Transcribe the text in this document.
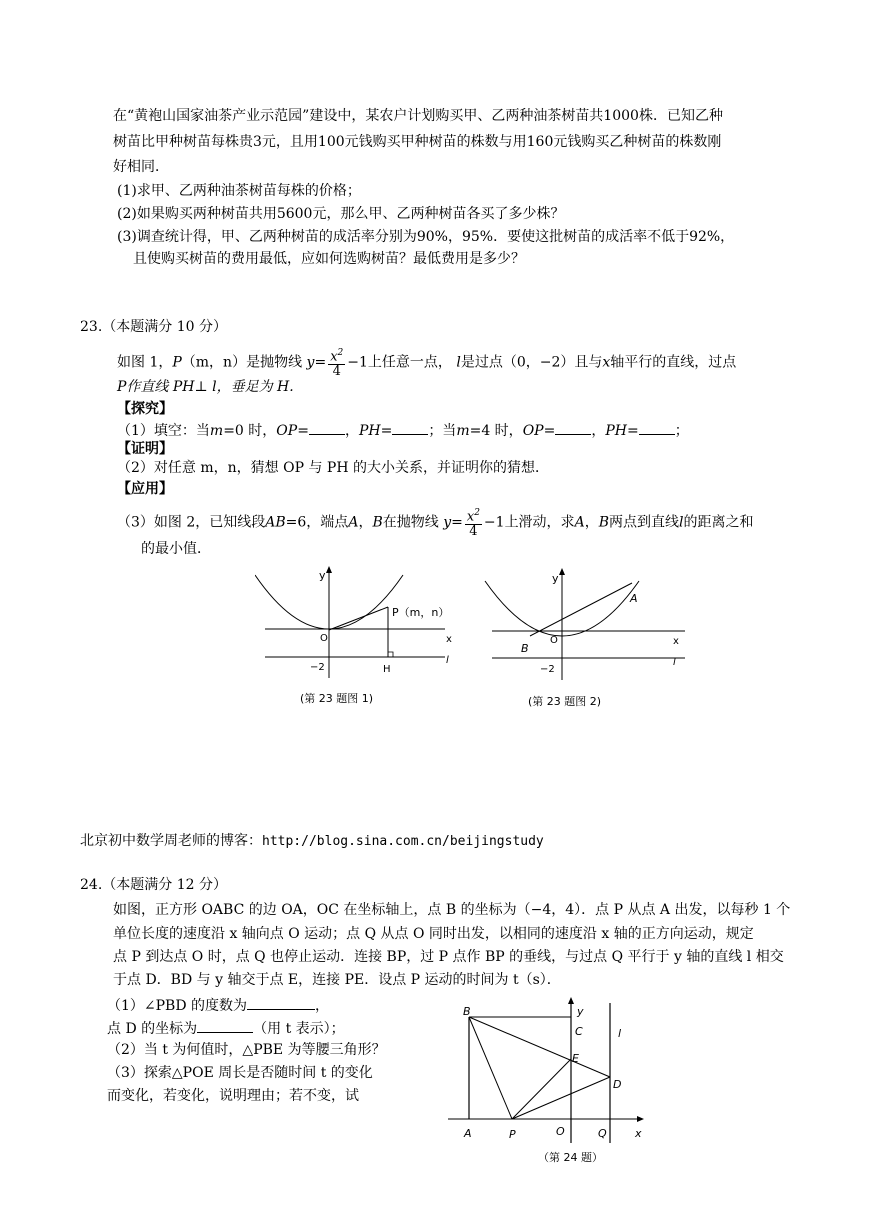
在“黄袍山国家油茶产业示范园”建设中，某农户计划购买甲、乙两种油茶树苗共1000株．已知乙种
树苗比甲种树苗每株贵3元，且用100元钱购买甲种树苗的株数与用160元钱购买乙种树苗的株数刚
好相同．
(1)求甲、乙两种油茶树苗每株的价格；
(2)如果购买两种树苗共用5600元，那么甲、乙两种树苗各买了多少株？
(3)调查统计得，甲、乙两种树苗的成活率分别为90%，95%．要使这批树苗的成活率不低于92%，
且使购买树苗的费用最低，应如何选购树苗？最低费用是多少？
23.（本题满分 10 分）
如图 1，P（m，n）是抛物线 $y= \frac{x^2}{4} -1$上任意一点， l是过点（0，−2）且与x轴平行的直线，过点
P作直线 PH⊥ l，垂足为 H.
【探究】
（1）填空：当m=0 时，OP=	，PH=	；当m=4 时，OP=	，PH=	；
【证明】
（2）对任意 m，n，猜想 OP 与 PH 的大小关系，并证明你的猜想．
【应用】
（3）如图 2，已知线段AB=6，端点A，B在抛物线 $y= \frac{x^2}{4} -1$上滑动，求A，B两点到直线l的距离之和
的最小值．
y
x
l
O
−2
P（m，n）
H
(第 23 题图 1)
y
x
l
O
−2
A
B
(第 23 题图 2)
北京初中数学周老师的博客：http://blog.sina.com.cn/beijingstudy
24.（本题满分 12 分）
如图，正方形 OABC 的边 OA，OC 在坐标轴上，点 B 的坐标为（−4，4）．点 P 从点 A 出发，以每秒 1 个
单位长度的速度沿 x 轴向点 O 运动；点 Q 从点 O 同时出发，以相同的速度沿 x 轴的正方向运动，规定
点 P 到达点 O 时，点 Q 也停止运动．连接 BP，过 P 点作 BP 的垂线，与过点 Q 平行于 y 轴的直线 l 相交
于点 D．BD 与 y 轴交于点 E，连接 PE．设点 P 运动的时间为 t（s）．
（1）∠PBD 的度数为	，
点 D 的坐标为	（用 t 表示）；
（2）当 t 为何值时，△PBE 为等腰三角形？
（3）探索△POE 周长是否随时间 t 的变化
而变化，若变化，说明理由；若不变，试
B
C
y
l
E
D
A	P	O	Q	x
（第 24 题）
